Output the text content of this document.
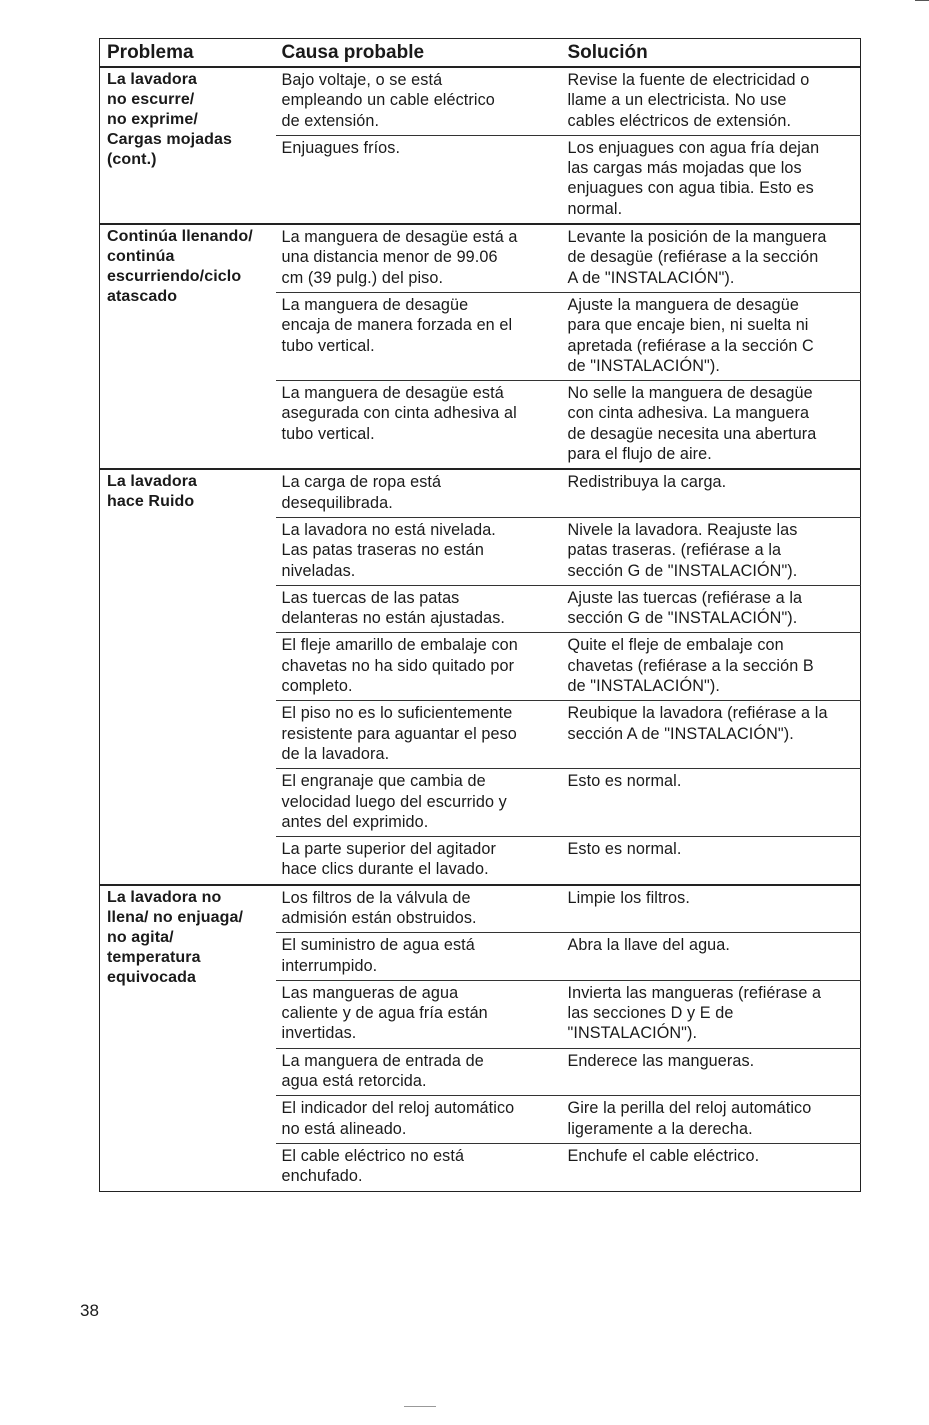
Problema	Causa probable	Solución
La lavadora
no escurre/
no exprime/
Cargas mojadas
(cont.)	Bajo voltaje, o se está
empleando un cable eléctrico
de extensión.	Revise la fuente de electricidad o
llame a un electricista. No use
cables eléctricos de extensión.
	Enjuagues fríos.	Los enjuagues con agua fría dejan
las cargas más mojadas que los
enjuagues con agua tibia. Esto es
normal.
Continúa llenando/
continúa
escurriendo/ciclo
atascado	La manguera de desagüe está a
una distancia menor de 99.06
cm (39 pulg.) del piso.	Levante la posición de la manguera
de desagüe (refiérase a la sección
A de "INSTALACIÓN").
	La manguera de desagüe
encaja de manera forzada en el
tubo vertical.	Ajuste la manguera de desagüe
para que encaje bien, ni suelta ni
apretada (refiérase a la sección C
de "INSTALACIÓN").
	La manguera de desagüe está
asegurada con cinta adhesiva al
tubo vertical.	No selle la manguera de desagüe
con cinta adhesiva. La manguera
de desagüe necesita una abertura
para el flujo de aire.
La lavadora
hace Ruido	La carga de ropa está
desequilibrada.	Redistribuya la carga.
	La lavadora no está nivelada.
Las patas traseras no están
niveladas.	Nivele la lavadora. Reajuste las
patas traseras. (refiérase a la
sección G de "INSTALACIÓN").
	Las tuercas de las patas
delanteras no están ajustadas.	Ajuste las tuercas (refiérase a la
sección G de "INSTALACIÓN").
	El fleje amarillo de embalaje con
chavetas no ha sido quitado por
completo.	Quite el fleje de embalaje con
chavetas (refiérase a la sección B
de "INSTALACIÓN").
	El piso no es lo suficientemente
resistente para aguantar el peso
de la lavadora.	Reubique la lavadora (refiérase a la
sección A de "INSTALACIÓN").
	El engranaje que cambia de
velocidad luego del escurrido y
antes del exprimido.	Esto es normal.
	La parte superior del agitador
hace clics durante el lavado.	Esto es normal.
La lavadora no
llena/ no enjuaga/
no agita/
temperatura
equivocada	Los filtros de la válvula de
admisión están obstruidos.	Limpie los filtros.
	El suministro de agua está
interrumpido.	Abra la llave del agua.
	Las mangueras de agua
caliente y de agua fría están
invertidas.	Invierta las mangueras (refiérase a
las secciones D y E de
"INSTALACIÓN").
	La manguera de entrada de
agua está retorcida.	Enderece las mangueras.
	El indicador del reloj automático
no está alineado.	Gire la perilla del reloj automático
ligeramente a la derecha.
	El cable eléctrico no está
enchufado.	Enchufe el cable eléctrico.
38
